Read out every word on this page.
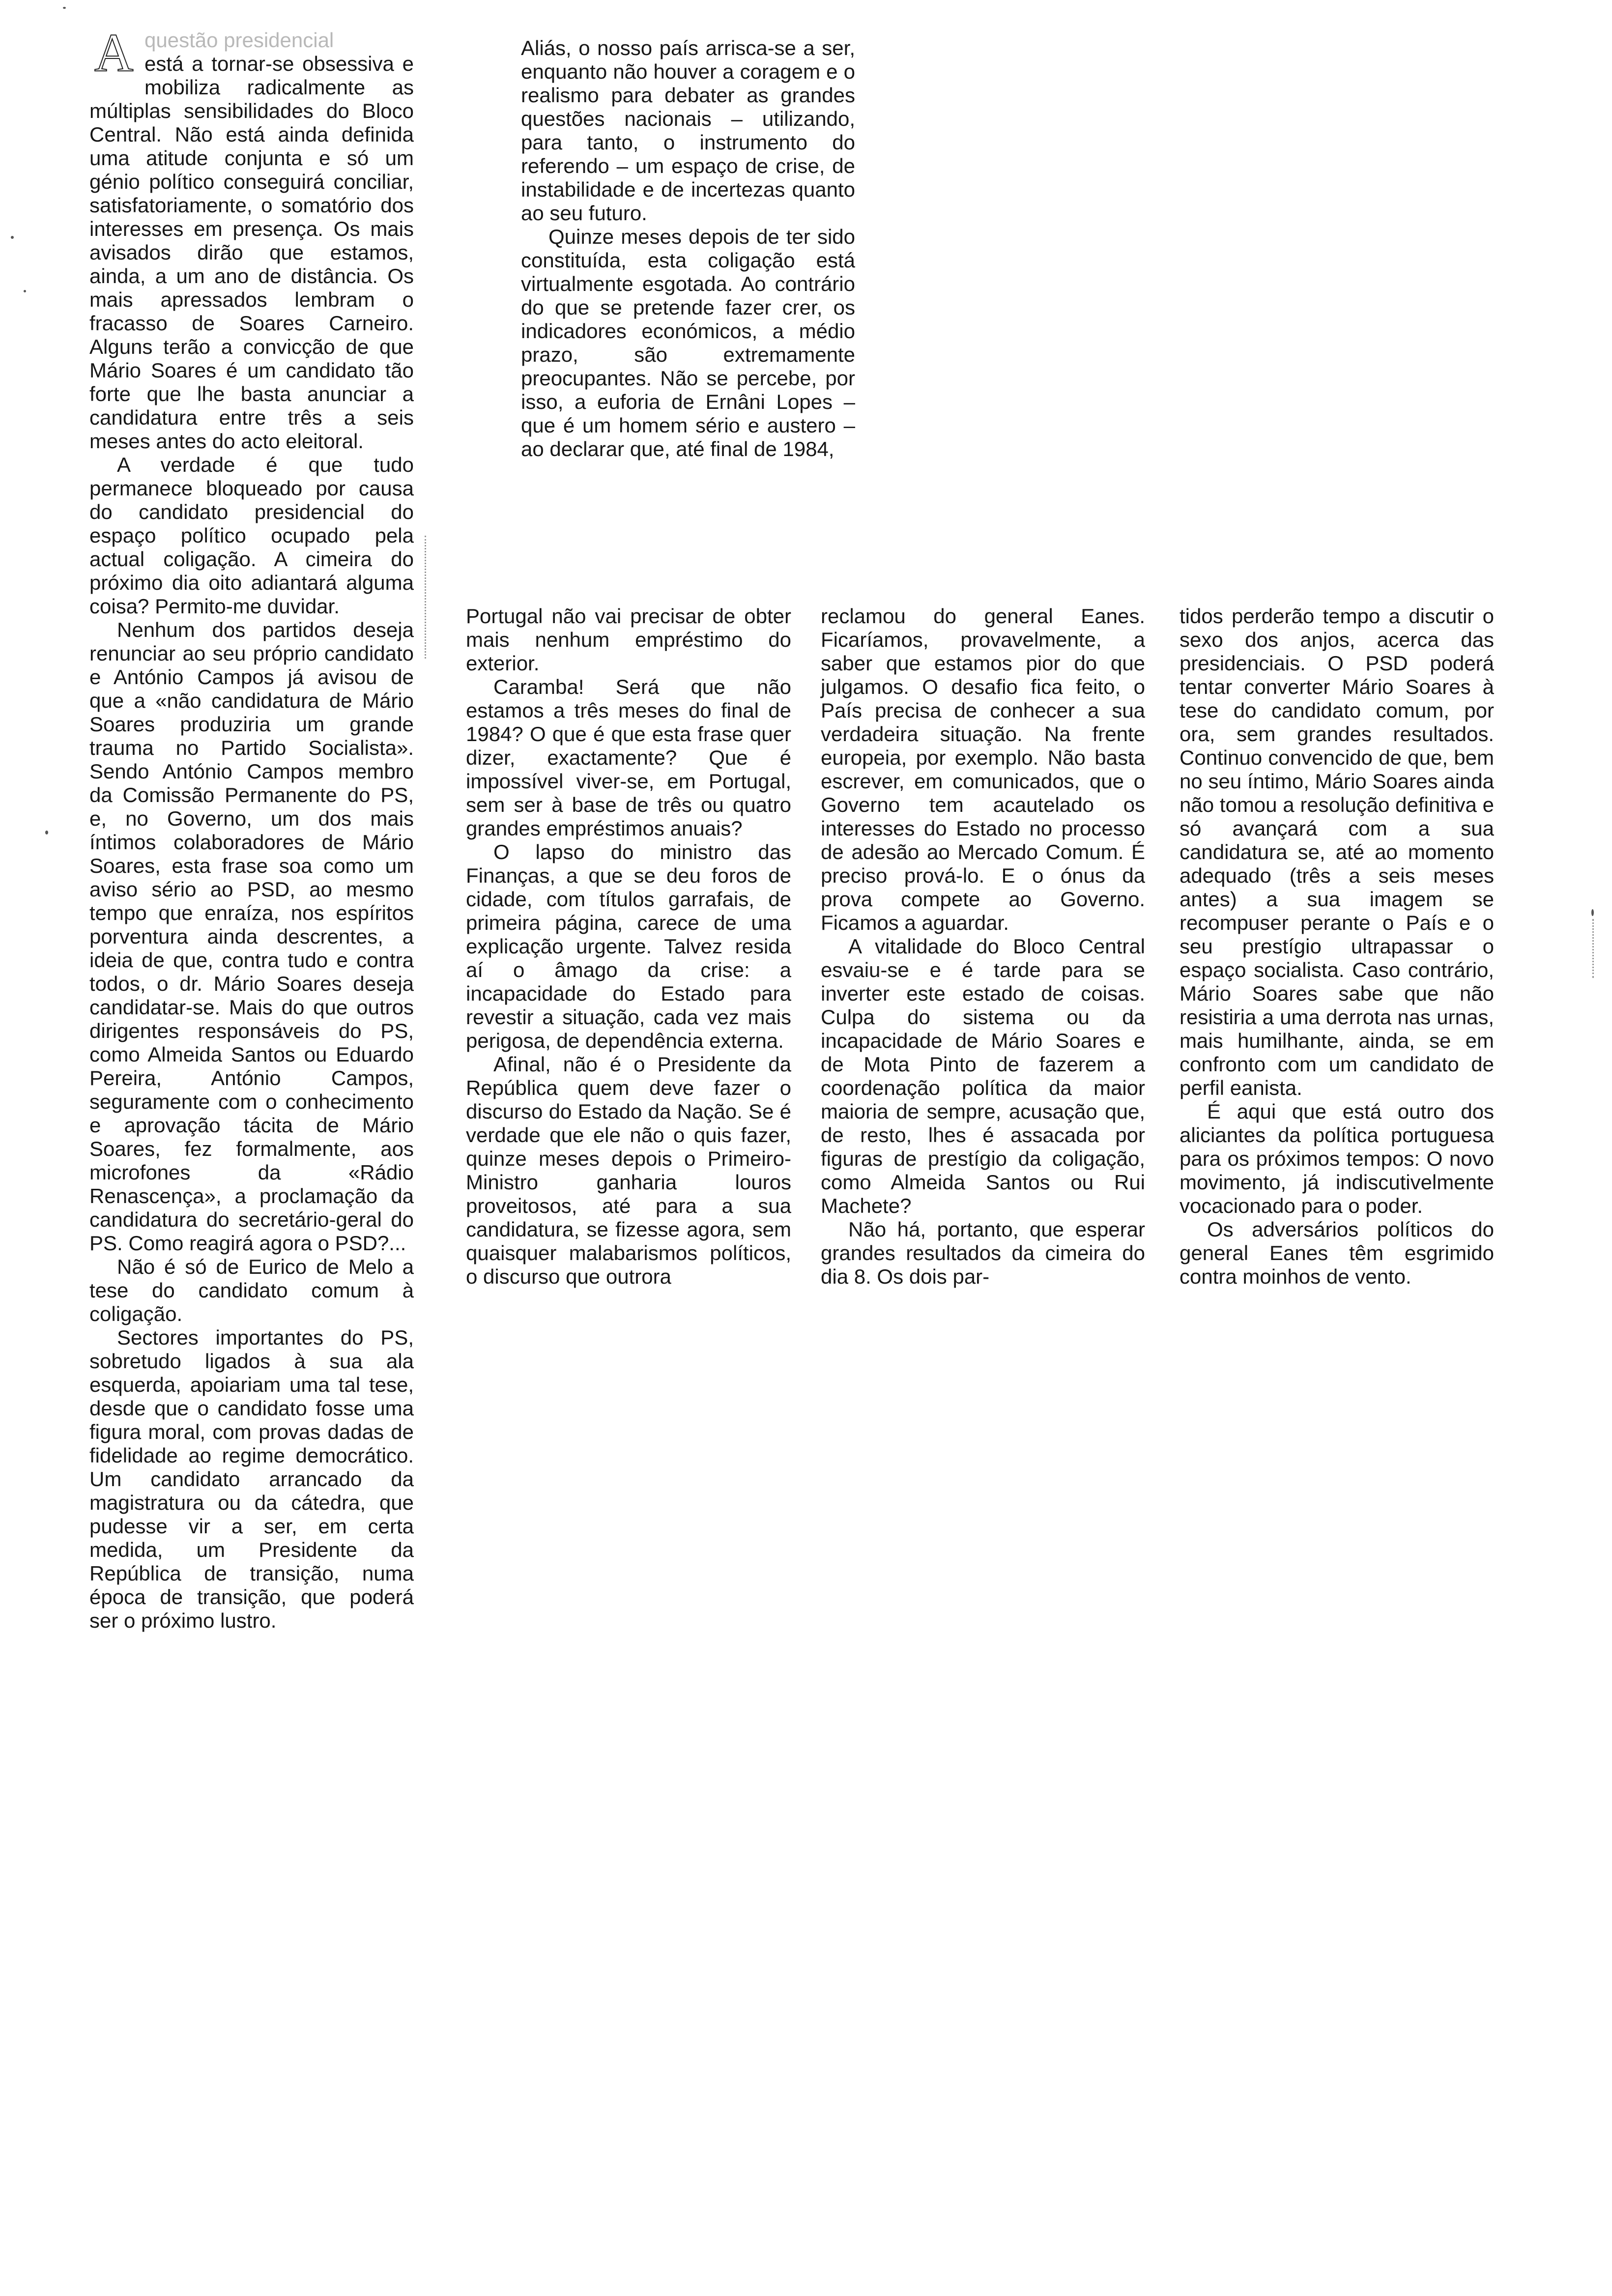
A questão presidencial

está a tornar-se obsessiva e mobiliza radicalmente as múltiplas sensibilidades do Bloco Central. Não está ainda definida uma atitude conjunta e só um génio político conseguirá conciliar, satisfatoriamente, o somatório dos interesses em presença. Os mais avisados dirão que estamos, ainda, a um ano de distância. Os mais apressados lembram o fracasso de Soares Carneiro. Alguns terão a convicção de que Mário Soares é um candidato tão forte que lhe basta anunciar a candidatura entre três a seis meses antes do acto eleitoral.

A verdade é que tudo permanece bloqueado por causa do candidato presidencial do espaço político ocupado pela actual coligação. A cimeira do próximo dia oito adiantará alguma coisa? Permito-me duvidar.

Nenhum dos partidos deseja renunciar ao seu próprio candidato e António Campos já avisou de que a «não candidatura de Mário Soares produziria um grande trauma no Partido Socialista». Sendo António Campos membro da Comissão Permanente do PS, e, no Governo, um dos mais íntimos colaboradores de Mário Soares, esta frase soa como um aviso sério ao PSD, ao mesmo tempo que enraíza, nos espíritos porventura ainda descrentes, a ideia de que, contra tudo e contra todos, o dr. Mário Soares deseja candidatar-se. Mais do que outros dirigentes responsáveis do PS, como Almeida Santos ou Eduardo Pereira, António Campos, seguramente com o conhecimento e aprovação tácita de Mário Soares, fez formalmente, aos microfones da «Rádio Renascença», a proclamação da candidatura do secretário-geral do PS. Como reagirá agora o PSD?...

Não é só de Eurico de Melo a tese do candidato comum à coligação.

Sectores importantes do PS, sobretudo ligados à sua ala esquerda, apoiariam uma tal tese, desde que o candidato fosse uma figura moral, com provas dadas de fidelidade ao regime democrático. Um candidato arrancado da magistratura ou da cátedra, que pudesse vir a ser, em certa medida, um Presidente da República de transição, numa época de transição, que poderá ser o próximo lustro.

Aliás, o nosso país arrisca-se a ser, enquanto não houver a coragem e o realismo para debater as grandes questões nacionais – utilizando, para tanto, o instrumento do referendo – um espaço de crise, de instabilidade e de incertezas quanto ao seu futuro.

Quinze meses depois de ter sido constituída, esta coligação está virtualmente esgotada. Ao contrário do que se pretende fazer crer, os indicadores económicos, a médio prazo, são extremamente preocupantes. Não se percebe, por isso, a euforia de Ernâni Lopes – que é um homem sério e austero – ao declarar que, até final de 1984,

Portugal não vai precisar de obter mais nenhum empréstimo do exterior.

Caramba! Será que não estamos a três meses do final de 1984? O que é que esta frase quer dizer, exactamente? Que é impossível viver-se, em Portugal, sem ser à base de três ou quatro grandes empréstimos anuais?

O lapso do ministro das Finanças, a que se deu foros de cidade, com títulos garrafais, de primeira página, carece de uma explicação urgente. Talvez resida aí o âmago da crise: a incapacidade do Estado para revestir a situação, cada vez mais perigosa, de dependência externa.

Afinal, não é o Presidente da República quem deve fazer o discurso do Estado da Nação. Se é verdade que ele não o quis fazer, quinze meses depois o Primeiro-Ministro ganharia louros proveitosos, até para a sua candidatura, se fizesse agora, sem quaisquer malabarismos políticos, o discurso que outrora

reclamou do general Eanes. Ficaríamos, provavelmente, a saber que estamos pior do que julgamos. O desafio fica feito, o País precisa de conhecer a sua verdadeira situação. Na frente europeia, por exemplo. Não basta escrever, em comunicados, que o Governo tem acautelado os interesses do Estado no processo de adesão ao Mercado Comum. É preciso prová-lo. E o ónus da prova compete ao Governo. Ficamos a aguardar.

A vitalidade do Bloco Central esvaiu-se e é tarde para se inverter este estado de coisas. Culpa do sistema ou da incapacidade de Mário Soares e de Mota Pinto de fazerem a coordenação política da maior maioria de sempre, acusação que, de resto, lhes é assacada por figuras de prestígio da coligação, como Almeida Santos ou Rui Machete?

Não há, portanto, que esperar grandes resultados da cimeira do dia 8. Os dois par-

tidos perderão tempo a discutir o sexo dos anjos, acerca das presidenciais. O PSD poderá tentar converter Mário Soares à tese do candidato comum, por ora, sem grandes resultados. Continuo convencido de que, bem no seu íntimo, Mário Soares ainda não tomou a resolução definitiva e só avançará com a sua candidatura se, até ao momento adequado (três a seis meses antes) a sua imagem se recompuser perante o País e o seu prestígio ultrapassar o espaço socialista. Caso contrário, Mário Soares sabe que não resistiria a uma derrota nas urnas, mais humilhante, ainda, se em confronto com um candidato de perfil eanista.

É aqui que está outro dos aliciantes da política portuguesa para os próximos tempos: O novo movimento, já indiscutivelmente vocacionado para o poder.

Os adversários políticos do general Eanes têm esgrimido contra moinhos de vento.
